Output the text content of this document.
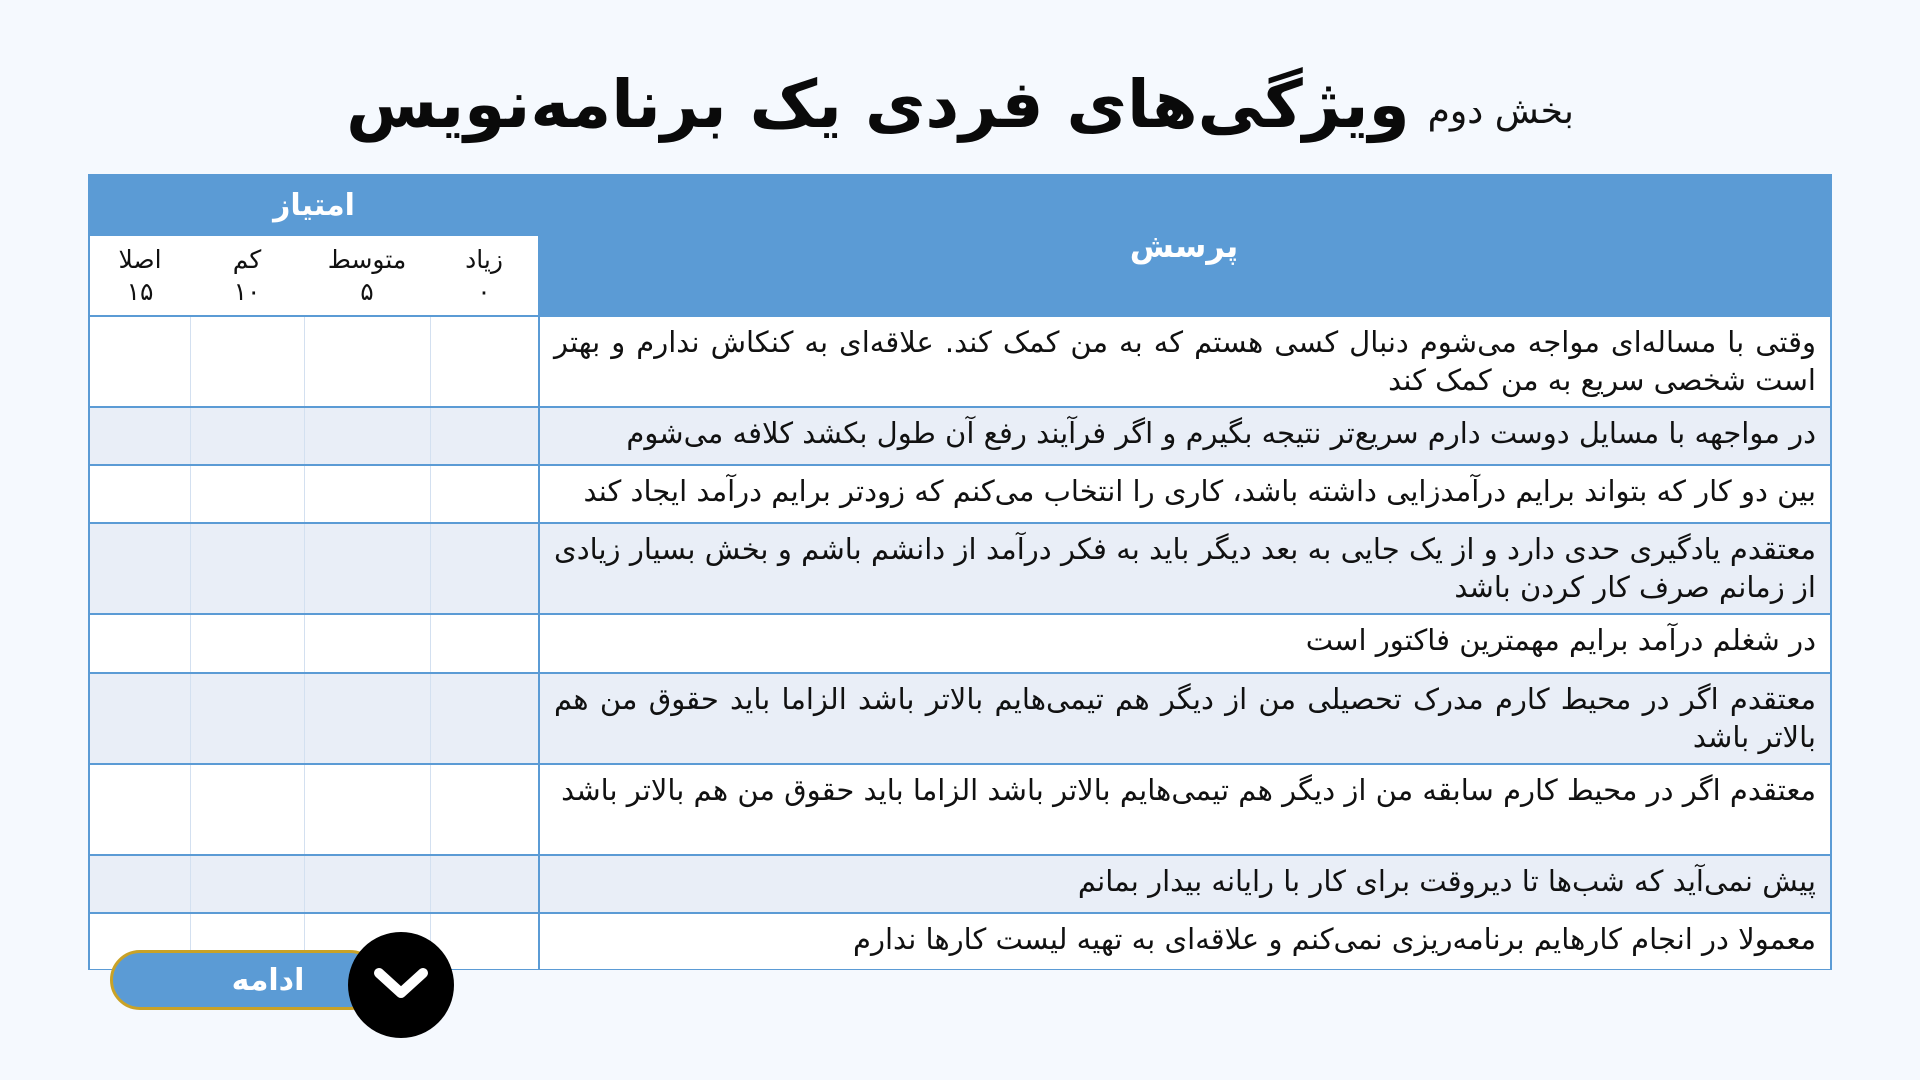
ویژگی‌های فردی یک برنامه‌نویس بخش دوم
پرسش
امتیاز
زیاد
۰
متوسط
۵
کم
۱۰
اصلا
۱۵
وقتی با مساله‌ای مواجه می‌شوم دنبال کسی هستم که به من کمک کند. علاقه‌ای به کنکاش ندارم و بهتر است شخصی سریع به من کمک کند
در مواجهه با مسایل دوست دارم سریع‌تر نتیجه بگیرم و اگر فرآیند رفع آن طول بکشد کلافه می‌شوم
بین دو کار که بتواند برایم درآمدزایی داشته باشد، کاری را انتخاب می‌کنم که زودتر برایم درآمد ایجاد کند
معتقدم یادگیری حدی دارد و از یک جایی به بعد دیگر باید به فکر درآمد از دانشم باشم و بخش بسیار زیادی از زمانم صرف کار کردن باشد
در شغلم درآمد برایم مهمترین فاکتور است
معتقدم اگر در محیط کارم مدرک تحصیلی من از دیگر هم تیمی‌هایم بالاتر باشد الزاما باید حقوق من هم بالاتر باشد
معتقدم اگر در محیط کارم سابقه من از دیگر هم تیمی‌هایم بالاتر باشد الزاما باید حقوق من هم بالاتر باشد
پیش نمی‌آید که شب‌ها تا دیروقت برای کار با رایانه بیدار بمانم
معمولا در انجام کارهایم برنامه‌ریزی نمی‌کنم و علاقه‌ای به تهیه لیست کارها ندارم
ادامه
